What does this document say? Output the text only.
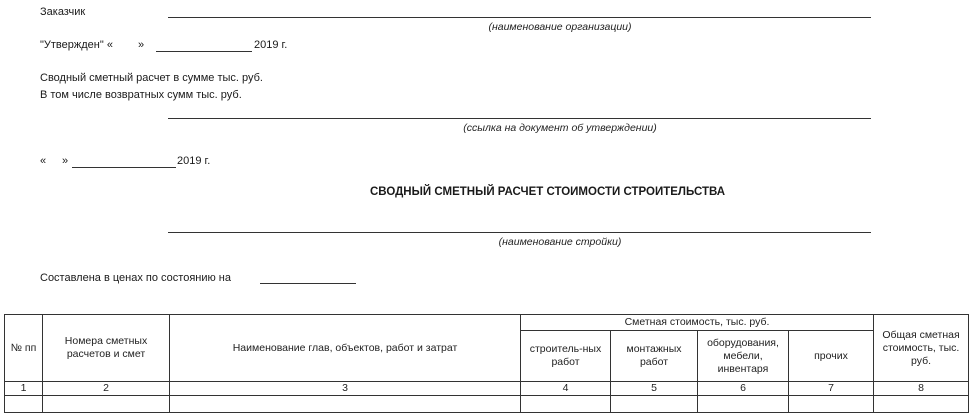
Заказчик
(наименование организации)
"Утвержден" « »	2019 г.
Сводный сметный расчет в сумме тыс. руб.
В том числе возвратных сумм тыс. руб.
(ссылка на документ об утверждении)
« »	2019 г.
СВОДНЫЙ СМЕТНЫЙ РАСЧЕТ СТОИМОСТИ СТРОИТЕЛЬСТВА
(наименование стройки)
Составлена в ценах по состоянию на
№ пп	Номера сметных расчетов и смет	Наименование глав, объектов, работ и затрат	Сметная стоимость, тыс. руб.				Общая сметная стоимость, тыс. руб.
			строитель-ных работ	монтажных работ	оборудования, мебели, инвентаря	прочих	
1	2	3	4	5	6	7	8
